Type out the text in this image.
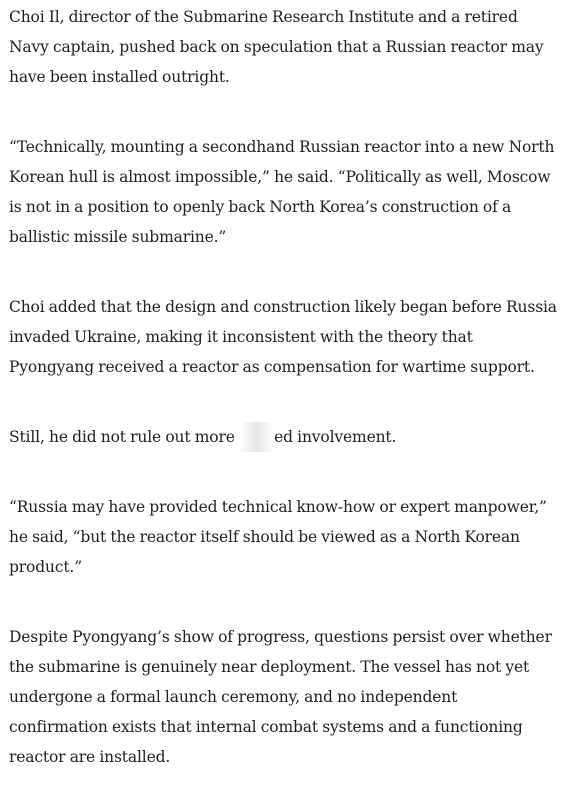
Choi Il, director of the Submarine Research Institute and a retired Navy captain, pushed back on speculation that a Russian reactor may have been installed outright.

“Technically, mounting a secondhand Russian reactor into a new North Korean hull is almost impossible,” he said. “Politically as well, Moscow is not in a position to openly back North Korea’s construction of a ballistic missile submarine.”

Choi added that the design and construction likely began before Russia invaded Ukraine, making it inconsistent with the theory that Pyongyang received a reactor as compensation for wartime support.

Still, he did not rule out more ed involvement.

“Russia may have provided technical know-how or expert manpower,” he said, “but the reactor itself should be viewed as a North Korean product.”

Despite Pyongyang’s show of progress, questions persist over whether the submarine is genuinely near deployment. The vessel has not yet undergone a formal launch ceremony, and no independent confirmation exists that internal combat systems and a functioning reactor are installed.
